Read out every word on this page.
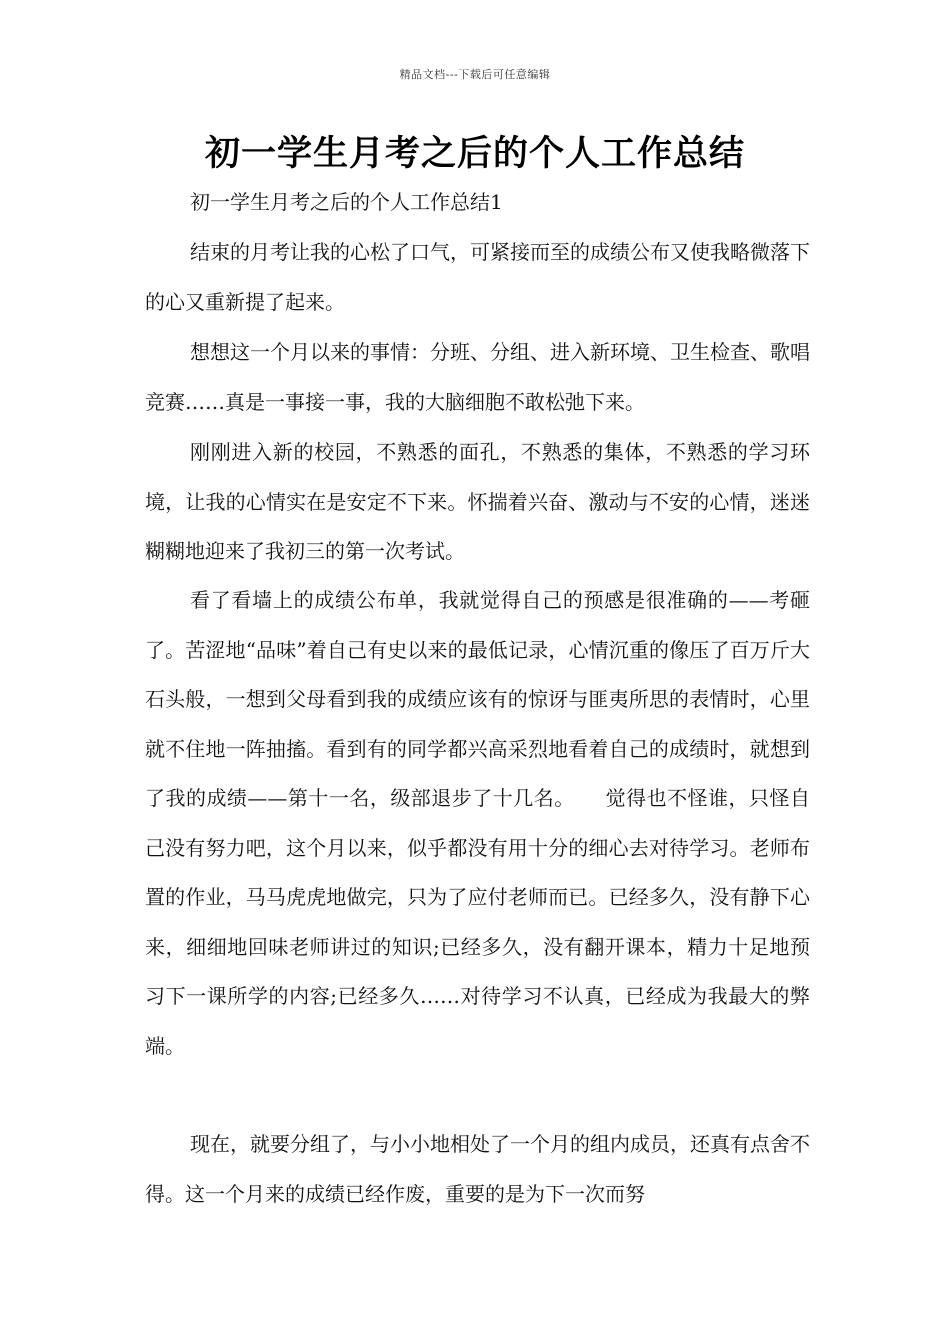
精品文档---下载后可任意编辑
初一学生月考之后的个人工作总结

初一学生月考之后的个人工作总结1

结束的月考让我的心松了口气，可紧接而至的成绩公布又使我略微落下的心又重新提了起来。

想想这一个月以来的事情：分班、分组、进入新环境、卫生检查、歌唱竞赛……真是一事接一事，我的大脑细胞不敢松弛下来。

刚刚进入新的校园，不熟悉的面孔，不熟悉的集体，不熟悉的学习环境，让我的心情实在是安定不下来。怀揣着兴奋、激动与不安的心情，迷迷糊糊地迎来了我初三的第一次考试。

看了看墙上的成绩公布单，我就觉得自己的预感是很准确的——考砸了。苦涩地“品味”着自己有史以来的最低记录，心情沉重的像压了百万斤大石头般，一想到父母看到我的成绩应该有的惊讶与匪夷所思的表情时，心里就不住地一阵抽搐。看到有的同学都兴高采烈地看着自己的成绩时，就想到了我的成绩——第十一名，级部退步了十几名。　　觉得也不怪谁，只怪自己没有努力吧，这个月以来，似乎都没有用十分的细心去对待学习。老师布置的作业，马马虎虎地做完，只为了应付老师而已。已经多久，没有静下心来，细细地回味老师讲过的知识;已经多久，没有翻开课本，精力十足地预习下一课所学的内容;已经多久……对待学习不认真，已经成为我最大的弊端。

现在，就要分组了，与小小地相处了一个月的组内成员，还真有点舍不得。这一个月来的成绩已经作废，重要的是为下一次而努
